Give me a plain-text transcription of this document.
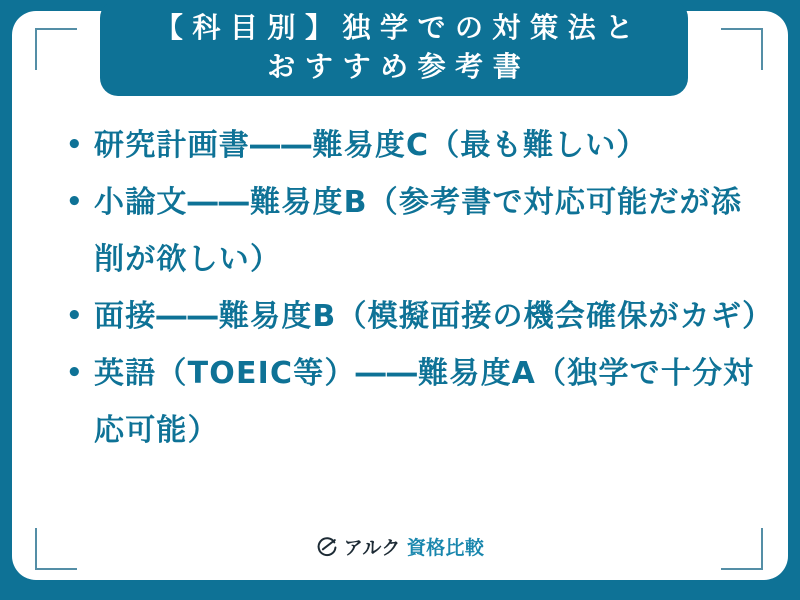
• 研究計画書――難易度C（最も難しい）
• 小論文――難易度B（参考書で対応可能だが添削が欲しい）
• 面接――難易度B（模擬面接の機会確保がカギ）
• 英語（TOEIC等）――難易度A（独学で十分対応可能）
アルク 資格比較
【科目別】独学での対策法と
おすすめ参考書
